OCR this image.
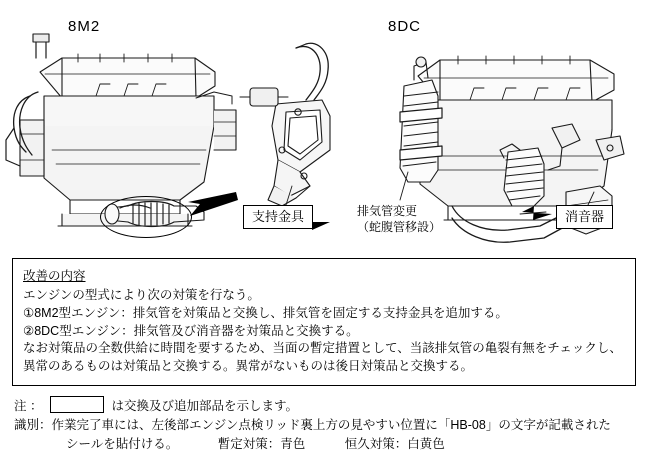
8M2	8DC
支持金具	消音器
排気管変更
（蛇腹管移設）
改善の内容
エンジンの型式により次の対策を行なう。
①8M2型エンジン：排気管を対策品と交換し、排気管を固定する支持金具を追加する。
②8DC型エンジン：排気管及び消音器を対策品と交換する。
なお対策品の全数供給に時間を要するため、当面の暫定措置として、当該排気管の亀裂有無をチェックし、
異常のあるものは対策品と交換する。異常がないものは後日対策品と交換する。
注 ：	は交換及び追加部品を示します。
識別：作業完了車には、左後部エンジン点検リッド裏上方の見やすい位置に「HB-08」の文字が記載された
シールを貼付ける。	暫定対策：青色	恒久対策：白黄色
